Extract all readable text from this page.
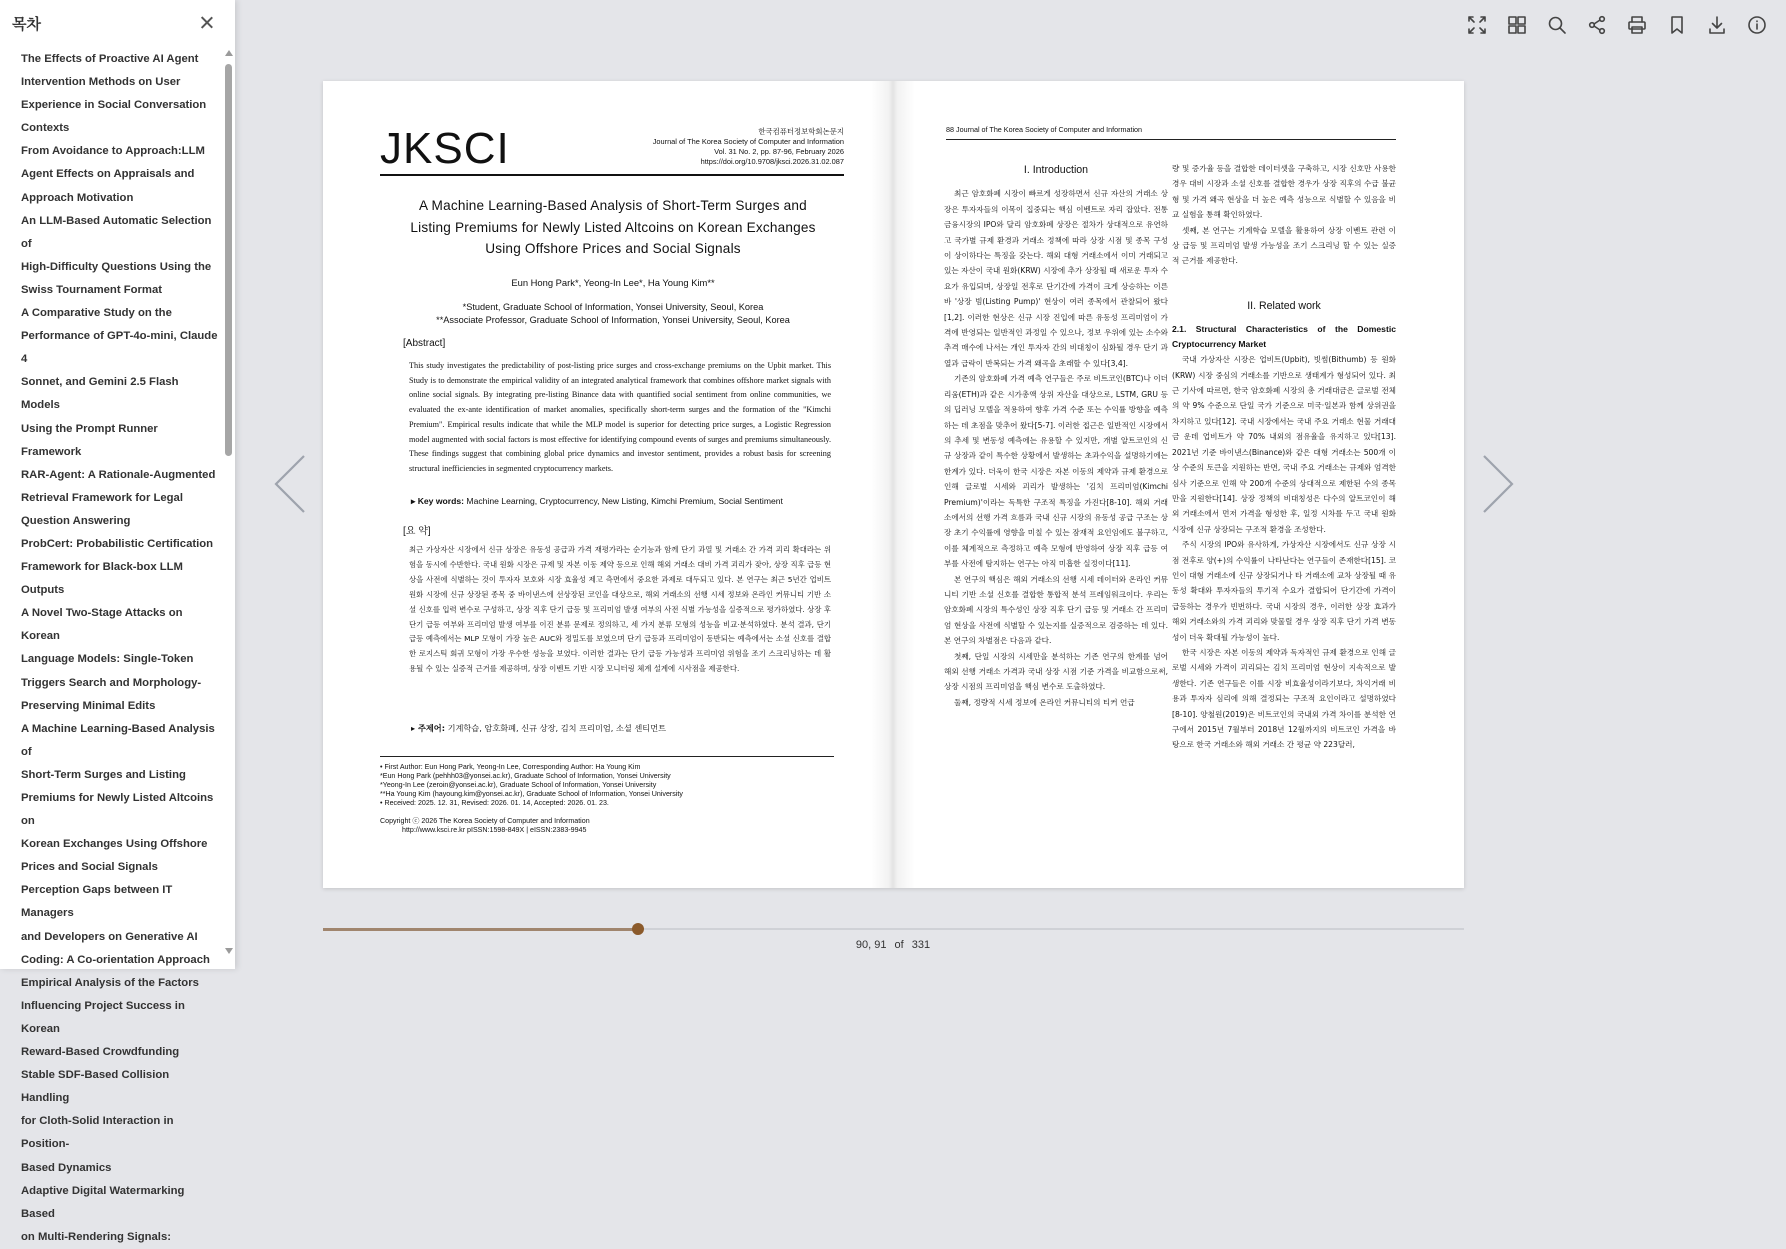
목차
The Effects of Proactive AI Agent
Intervention Methods on User
Experience in Social Conversation
Contexts
From Avoidance to Approach:LLM
Agent Effects on Appraisals and
Approach Motivation
An LLM-Based Automatic Selection of
High-Difficulty Questions Using the
Swiss Tournament Format
A Comparative Study on the
Performance of GPT-4o-mini, Claude 4
Sonnet, and Gemini 2.5 Flash Models
Using the Prompt Runner Framework
RAR-Agent: A Rationale-Augmented
Retrieval Framework for Legal
Question Answering
ProbCert: Probabilistic Certification
Framework for Black-box LLM Outputs
A Novel Two-Stage Attacks on Korean
Language Models: Single-Token
Triggers Search and Morphology-
Preserving Minimal Edits
A Machine Learning-Based Analysis of
Short-Term Surges and Listing
Premiums for Newly Listed Altcoins on
Korean Exchanges Using Offshore
Prices and Social Signals
Perception Gaps between IT Managers
and Developers on Generative AI
Coding: A Co-orientation Approach
Empirical Analysis of the Factors
Influencing Project Success in Korean
Reward-Based Crowdfunding
Stable SDF-Based Collision Handling
for Cloth-Solid Interaction in Position-
Based Dynamics
Adaptive Digital Watermarking Based
on Multi-Rendering Signals:
JKSCI	한국컴퓨터정보학회논문지
Journal of The Korea Society of Computer and Information
Vol. 31 No. 2, pp. 87-96, February 2026
https://doi.org/10.9708/jksci.2026.31.02.087
A Machine Learning-Based Analysis of Short-Term Surges and
Listing Premiums for Newly Listed Altcoins on Korean Exchanges
Using Offshore Prices and Social Signals
Eun Hong Park*, Yeong-In Lee*, Ha Young Kim**
*Student, Graduate School of Information, Yonsei University, Seoul, Korea
**Associate Professor, Graduate School of Information, Yonsei University, Seoul, Korea
[Abstract]
This study investigates the predictability of post-listing price surges and cross-exchange premiums on the Upbit market. This Study is to demonstrate the empirical validity of an integrated analytical framework that combines offshore market signals with online social signals. By integrating pre-listing Binance data with quantified social sentiment from online communities, we evaluated the ex-ante identification of market anomalies, specifically short-term surges and the formation of the "Kimchi Premium". Empirical results indicate that while the MLP model is superior for detecting price surges, a Logistic Regression model augmented with social factors is most effective for identifying compound events of surges and premiums simultaneously. These findings suggest that combining global price dynamics and investor sentiment, provides a robust basis for screening structural inefficiencies in segmented cryptocurrency markets.
▸ Key words: Machine Learning, Cryptocurrency, New Listing, Kimchi Premium, Social Sentiment
[요 약]
최근 가상자산 시장에서 신규 상장은 유동성 공급과 가격 재평가라는 순기능과 함께 단기 과열 및 거래소 간 가격 괴리 확대라는 위험을 동시에 수반한다. 국내 원화 시장은 규제 및 자본 이동 제약 등으로 인해 해외 거래소 대비 가격 괴리가 잦아, 상장 직후 급등 현상을 사전에 식별하는 것이 투자자 보호와 시장 효율성 제고 측면에서 중요한 과제로 대두되고 있다. 본 연구는 최근 5년간 업비트 원화 시장에 신규 상장된 종목 중 바이낸스에 선상장된 코인을 대상으로, 해외 거래소의 선행 시세 정보와 온라인 커뮤니티 기반 소셜 신호를 입력 변수로 구성하고, 상장 직후 단기 급등 및 프리미엄 발생 여부의 사전 식별 가능성을 실증적으로 평가하였다. 상장 후 단기 급등 여부와 프리미엄 발생 여부를 이진 분류 문제로 정의하고, 세 가지 분류 모형의 성능을 비교·분석하였다. 분석 결과, 단기 급등 예측에서는 MLP 모형이 가장 높은 AUC와 정밀도를 보였으며 단기 급등과 프리미엄이 동반되는 예측에서는 소셜 신호를 결합한 로지스틱 회귀 모형이 가장 우수한 성능을 보였다. 이러한 결과는 단기 급등 가능성과 프리미엄 위험을 조기 스크리닝하는 데 활용될 수 있는 실증적 근거를 제공하며, 상장 이벤트 기반 시장 모니터링 체계 설계에 시사점을 제공한다.
▸ 주제어: 기계학습, 암호화폐, 신규 상장, 김치 프리미엄, 소셜 센티먼트
• First Author: Eun Hong Park, Yeong-In Lee, Corresponding Author: Ha Young Kim
*Eun Hong Park (pehhh03@yonsei.ac.kr), Graduate School of Information, Yonsei University
*Yeong-In Lee (zeroin@yonsei.ac.kr), Graduate School of Information, Yonsei University
**Ha Young Kim (hayoung.kim@yonsei.ac.kr), Graduate School of Information, Yonsei University
• Received: 2025. 12. 31, Revised: 2026. 01. 14, Accepted: 2026. 01. 23.
Copyright ⓒ 2026 The Korea Society of Computer and Information
http://www.ksci.re.kr pISSN:1598-849X | eISSN:2383-9945
88 Journal of The Korea Society of Computer and Information
I. Introduction

최근 암호화폐 시장이 빠르게 성장하면서 신규 자산의 거래소 상장은 투자자들의 이목이 집중되는 핵심 이벤트로 자리 잡았다. 전통 금융시장의 IPO와 달리 암호화폐 상장은 절차가 상대적으로 유연하고 국가별 규제 환경과 거래소 정책에 따라 상장 시점 및 종목 구성이 상이하다는 특징을 갖는다. 해외 대형 거래소에서 이미 거래되고 있는 자산이 국내 원화(KRW) 시장에 추가 상장될 때 새로운 투자 수요가 유입되며, 상장일 전후로 단기간에 가격이 크게 상승하는 이른바 '상장 빔(Listing Pump)' 현상이 여러 종목에서 관찰되어 왔다[1,2]. 이러한 현상은 신규 시장 진입에 따른 유동성 프리미엄이 가격에 반영되는 일반적인 과정일 수 있으나, 정보 우위에 있는 소수와 추격 매수에 나서는 개인 투자자 간의 비대칭이 심화될 경우 단기 과열과 급락이 반복되는 가격 왜곡을 초래할 수 있다[3,4].

기존의 암호화폐 가격 예측 연구들은 주로 비트코인(BTC)나 이더리움(ETH)과 같은 시가총액 상위 자산을 대상으로, LSTM, GRU 등의 딥러닝 모델을 적용하여 향후 가격 수준 또는 수익률 방향을 예측하는 데 초점을 맞추어 왔다[5-7]. 이러한 접근은 일반적인 시장에서의 추세 및 변동성 예측에는 유용할 수 있지만, 개별 알트코인의 신규 상장과 같이 특수한 상황에서 발생하는 초과수익을 설명하기에는 한계가 있다. 더욱이 한국 시장은 자본 이동의 제약과 규제 환경으로 인해 글로벌 시세와 괴리가 발생하는 '김치 프리미엄(Kimchi Premium)'이라는 독특한 구조적 특징을 가진다[8-10]. 해외 거래소에서의 선행 가격 흐름과 국내 신규 시장의 유동성 공급 구조는 상장 초기 수익률에 영향을 미칠 수 있는 잠재적 요인임에도 불구하고, 이를 체계적으로 측정하고 예측 모형에 반영하여 상장 직후 급등 여부를 사전에 탐지하는 연구는 아직 미흡한 실정이다[11].

본 연구의 핵심은 해외 거래소의 선행 시세 데이터와 온라인 커뮤니티 기반 소셜 신호를 결합한 통합적 분석 프레임워크이다. 우리는 암호화폐 시장의 특수성인 상장 직후 단기 급등 및 거래소 간 프리미엄 현상을 사전에 식별할 수 있는지를 실증적으로 검증하는 데 있다. 본 연구의 차별점은 다음과 같다.

첫째, 단일 시장의 시세만을 분석하는 기존 연구의 한계를 넘어 해외 선행 거래소 가격과 국내 상장 시점 기준 가격을 비교함으로써, 상장 시점의 프리미엄을 핵심 변수로 도출하였다.

둘째, 정량적 시세 정보에 온라인 커뮤니티의 티커 언급

량 및 증가율 등을 결합한 데이터셋을 구축하고, 시장 신호만 사용한 경우 대비 시장과 소셜 신호를 결합한 경우가 상장 직후의 수급 불균형 및 가격 왜곡 현상을 더 높은 예측 성능으로 식별할 수 있음을 비교 실험을 통해 확인하였다.

셋째, 본 연구는 기계학습 모델을 활용하여 상장 이벤트 관련 이상 급등 및 프리미엄 발생 가능성을 조기 스크리닝 할 수 있는 실증적 근거를 제공한다.

II. Related work
2.1. Structural Characteristics of the Domestic Cryptocurrency Market

국내 가상자산 시장은 업비트(Upbit), 빗썸(Bithumb) 등 원화(KRW) 시장 중심의 거래소를 기반으로 생태계가 형성되어 있다. 최근 기사에 따르면, 한국 암호화폐 시장의 총 거래대금은 글로벌 전체의 약 9% 수준으로 단일 국가 기준으로 미국·일본과 함께 상위권을 차지하고 있다[12]. 국내 시장에서는 국내 주요 거래소 현물 거래대금 운데 업비트가 약 70% 내외의 점유율을 유지하고 있다[13]. 2021년 기준 바이낸스(Binance)와 같은 대형 거래소는 500개 이상 수준의 토큰을 지원하는 반면, 국내 주요 거래소는 규제와 엄격한 심사 기준으로 인해 약 200개 수준의 상대적으로 제한된 수의 종목만을 지원한다[14]. 상장 정책의 비대칭성은 다수의 알트코인이 해외 거래소에서 먼저 가격을 형성한 후, 일정 시차를 두고 국내 원화 시장에 신규 상장되는 구조적 환경을 조성한다.

주식 시장의 IPO와 유사하게, 가상자산 시장에서도 신규 상장 시점 전후로 양(+)의 수익률이 나타난다는 연구들이 존재한다[15]. 코인이 대형 거래소에 신규 상장되거나 타 거래소에 교차 상장될 때 유동성 확대와 투자자들의 투기적 수요가 결합되어 단기간에 가격이 급등하는 경우가 빈번하다. 국내 시장의 경우, 이러한 상장 효과가 해외 거래소와의 가격 괴리와 맞물릴 경우 상장 직후 단기 가격 변동성이 더욱 확대될 가능성이 높다.

한국 시장은 자본 이동의 제약과 독자적인 규제 환경으로 인해 글로벌 시세와 가격이 괴리되는 김치 프리미엄 현상이 지속적으로 발생한다. 기존 연구들은 이를 시장 비효율성이라기보다, 차익거래 비용과 투자자 심리에 의해 결정되는 구조적 요인이라고 설명하였다[8-10]. 양철원(2019)은 비트코인의 국내외 가격 차이를 분석한 연구에서 2015년 7월부터 2018년 12월까지의 비트코인 가격을 바탕으로 한국 거래소와 해외 거래소 간 평균 약 223달러,

90, 91 of 331
